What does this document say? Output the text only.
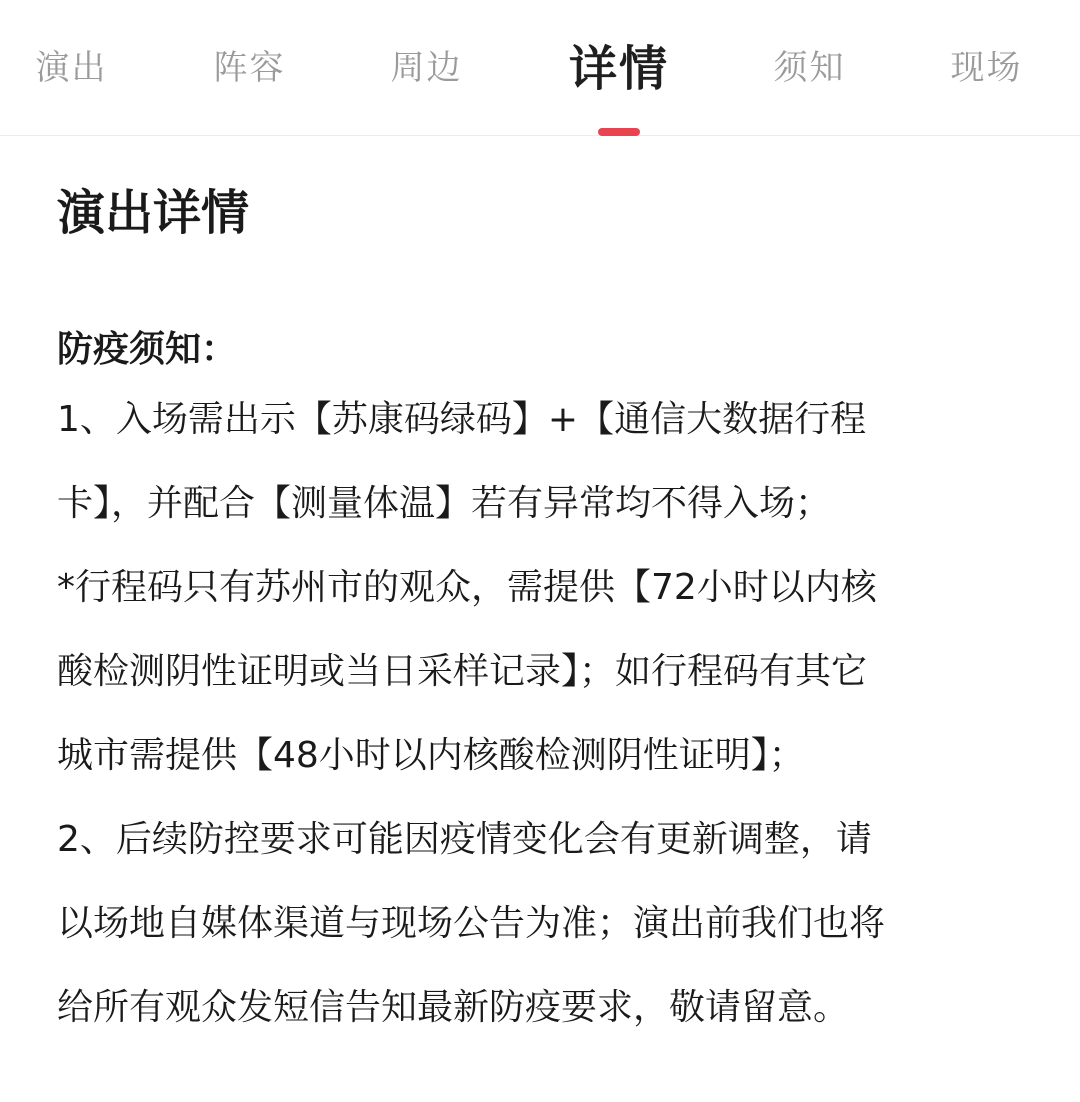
演出	阵容	周边 详情	须知	现场
演出详情
防疫须知：
1、入场需出示【苏康码绿码】+【通信大数据行程
卡】，并配合【测量体温】若有异常均不得入场；
*行程码只有苏州市的观众，需提供【72小时以内核
酸检测阴性证明或当日采样记录】；如行程码有其它
城市需提供【48小时以内核酸检测阴性证明】；
2、后续防控要求可能因疫情变化会有更新调整，请
以场地自媒体渠道与现场公告为准；演出前我们也将
给所有观众发短信告知最新防疫要求，敬请留意。
